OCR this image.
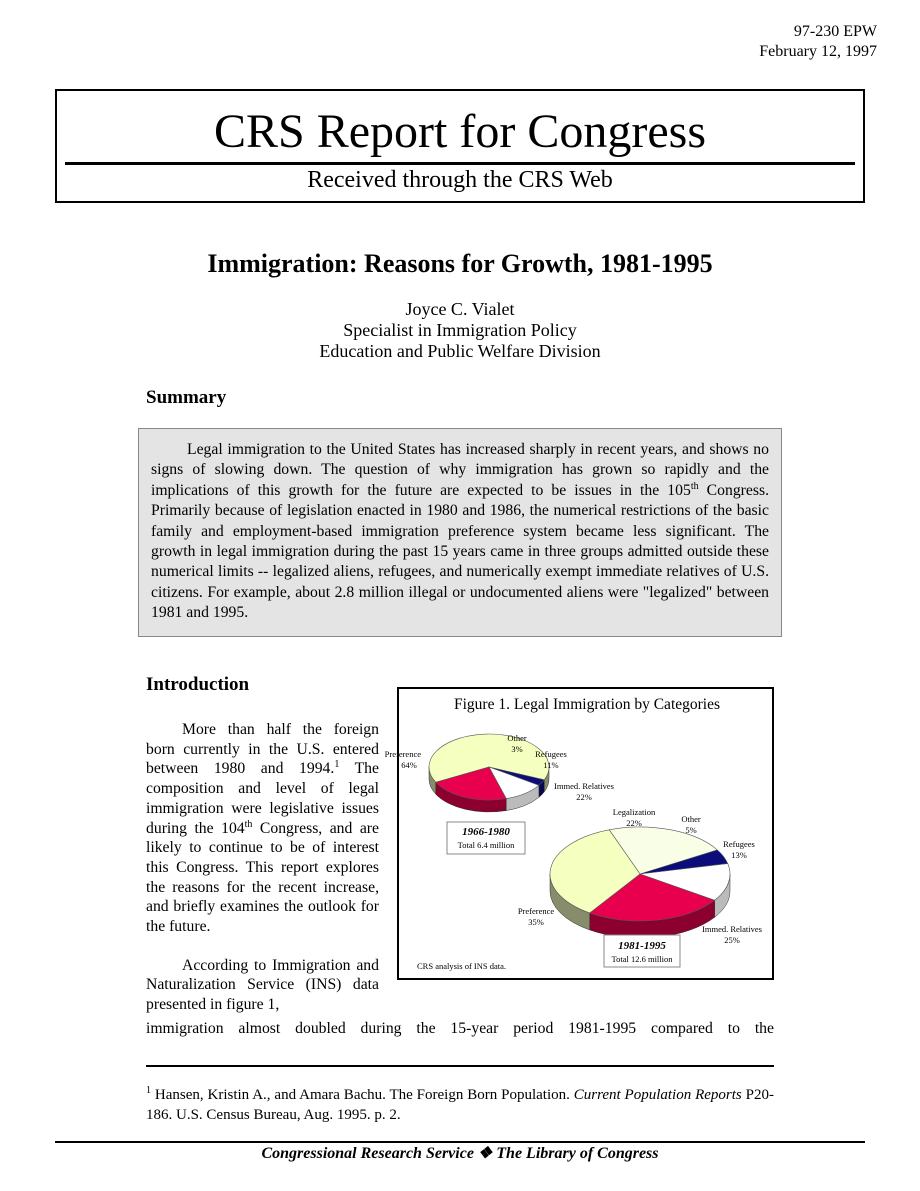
97-230 EPW
February 12, 1997
CRS Report for Congress
Received through the CRS Web
Immigration: Reasons for Growth, 1981-1995
Joyce C. Vialet
Specialist in Immigration Policy
Education and Public Welfare Division
Summary
Legal immigration to the United States has increased sharply in recent years, and shows no signs of slowing down. The question of why immigration has grown so rapidly and the implications of this growth for the future are expected to be issues in the 105th Congress. Primarily because of legislation enacted in 1980 and 1986, the numerical restrictions of the basic family and employment-based immigration preference system became less significant. The growth in legal immigration during the past 15 years came in three groups admitted outside these numerical limits -- legalized aliens, refugees, and numerically exempt immediate relatives of U.S. citizens. For example, about 2.8 million illegal or undocumented aliens were "legalized" between 1981 and 1995.
Introduction

More than half the foreign born currently in the U.S. entered between 1980 and 1994.$^1$ The composition and level of legal immigration were legislative issues during the 104th Congress, and are likely to continue to be of interest this Congress. This report explores the reasons for the recent increase, and briefly examines the outlook for the future.

According to Immigration and Naturalization Service (INS) data presented in figure 1,

immigration almost doubled during the 15-year period 1981-1995 compared to the
Figure 1. Legal Immigration by Categories
Preference
64%
Other
3% Refugees
11%
Immed. Relatives
22%
Legalization
22%	Other
5%
Refugees
13%
Immed. Relatives
25%
Preference
35%
1966-1980
Total 6.4 million
1981-1995
Total 12.6 million
CRS analysis of INS data.
$^1$ Hansen, Kristin A., and Amara Bachu. The Foreign Born Population. Current Population Reports P20-186. U.S. Census Bureau, Aug. 1995. p. 2.
Congressional Research Service ❖ The Library of Congress
